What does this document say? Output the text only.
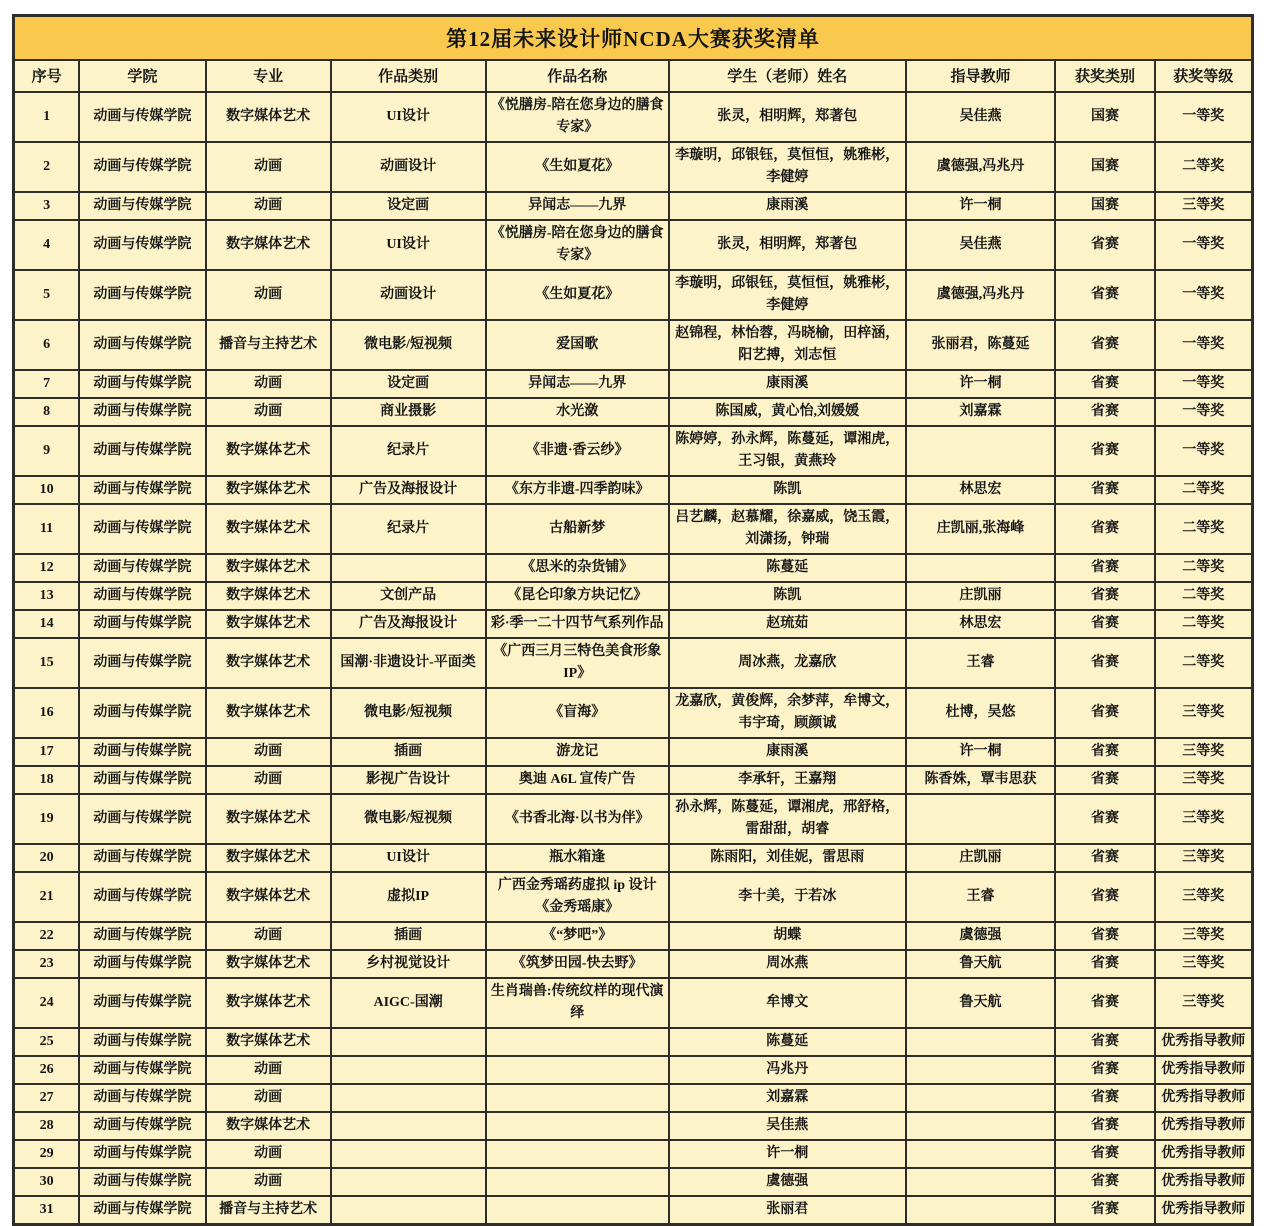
第12届未来设计师NCDA大赛获奖清单								
序号	学院	专业	作品类别	作品名称	学生（老师）姓名	指导教师	获奖类别	获奖等级
1	动画与传媒学院	数字媒体艺术	UI设计	《悦膳房-陪在您身边的膳食专家》	张灵，相明辉，郑著包	吴佳燕	国赛	一等奖
2	动画与传媒学院	动画	动画设计	《生如夏花》	李璇明，邱银钰，莫恒恒，姚雅彬，李健婷	虞德强,冯兆丹	国赛	二等奖
3	动画与传媒学院	动画	设定画	异闻志——九界	康雨溪	许一桐	国赛	三等奖
4	动画与传媒学院	数字媒体艺术	UI设计	《悦膳房-陪在您身边的膳食专家》	张灵，相明辉，郑著包	吴佳燕	省赛	一等奖
5	动画与传媒学院	动画	动画设计	《生如夏花》	李璇明，邱银钰，莫恒恒，姚雅彬，李健婷	虞德强,冯兆丹	省赛	一等奖
6	动画与传媒学院	播音与主持艺术	微电影/短视频	爱国歌	赵锦程，林怡蓉，冯晓榆，田梓涵，阳艺搏，刘志恒	张丽君，陈蔓延	省赛	一等奖
7	动画与传媒学院	动画	设定画	异闻志——九界	康雨溪	许一桐	省赛	一等奖
8	动画与传媒学院	动画	商业摄影	水光潋	陈国威，黄心怡,刘媛媛	刘嘉霖	省赛	一等奖
9	动画与传媒学院	数字媒体艺术	纪录片	《非遗·香云纱》	陈婷婷，孙永辉，陈蔓延，谭湘虎，王习银，黄燕玲		省赛	一等奖
10	动画与传媒学院	数字媒体艺术	广告及海报设计	《东方非遗-四季韵味》	陈凯	林思宏	省赛	二等奖
11	动画与传媒学院	数字媒体艺术	纪录片	古船新梦	吕艺麟，赵慕耀，徐嘉威，饶玉霞，刘潇扬，钟瑞	庄凯丽,张海峰	省赛	二等奖
12	动画与传媒学院	数字媒体艺术		《思米的杂货铺》	陈蔓延		省赛	二等奖
13	动画与传媒学院	数字媒体艺术	文创产品	《昆仑印象方块记忆》	陈凯	庄凯丽	省赛	二等奖
14	动画与传媒学院	数字媒体艺术	广告及海报设计	彩·季一二十四节气系列作品	赵琉茹	林思宏	省赛	二等奖
15	动画与传媒学院	数字媒体艺术	国潮·非遗设计-平面类	《广西三月三特色美食形象IP》	周冰燕，龙嘉欣	王睿	省赛	二等奖
16	动画与传媒学院	数字媒体艺术	微电影/短视频	《盲海》	龙嘉欣，黄俊辉，余梦萍，牟博文，韦宇琦，顾颜诚	杜博，吴悠	省赛	三等奖
17	动画与传媒学院	动画	插画	游龙记	康雨溪	许一桐	省赛	三等奖
18	动画与传媒学院	动画	影视广告设计	奥迪 A6L 宣传广告	李承轩，王嘉翔	陈香姝，覃韦思获	省赛	三等奖
19	动画与传媒学院	数字媒体艺术	微电影/短视频	《书香北海·以书为伴》	孙永辉，陈蔓延，谭湘虎，邢舒格，雷甜甜，胡睿		省赛	三等奖
20	动画与传媒学院	数字媒体艺术	UI设计	瓶水箱逢	陈雨阳，刘佳妮，雷思雨	庄凯丽	省赛	三等奖
21	动画与传媒学院	数字媒体艺术	虚拟IP	广西金秀瑶药虚拟 ip 设计《金秀瑶康》	李十美，于若冰	王睿	省赛	三等奖
22	动画与传媒学院	动画	插画	《“梦吧”》	胡蝶	虞德强	省赛	三等奖
23	动画与传媒学院	数字媒体艺术	乡村视觉设计	《筑梦田园-快去野》	周冰燕	鲁天航	省赛	三等奖
24	动画与传媒学院	数字媒体艺术	AIGC-国潮	生肖瑞兽:传统纹样的现代演绎	牟博文	鲁天航	省赛	三等奖
25	动画与传媒学院	数字媒体艺术			陈蔓延		省赛	优秀指导教师
26	动画与传媒学院	动画			冯兆丹		省赛	优秀指导教师
27	动画与传媒学院	动画			刘嘉霖		省赛	优秀指导教师
28	动画与传媒学院	数字媒体艺术			吴佳燕		省赛	优秀指导教师
29	动画与传媒学院	动画			许一桐		省赛	优秀指导教师
30	动画与传媒学院	动画			虞德强		省赛	优秀指导教师
31	动画与传媒学院	播音与主持艺术			张丽君		省赛	优秀指导教师
